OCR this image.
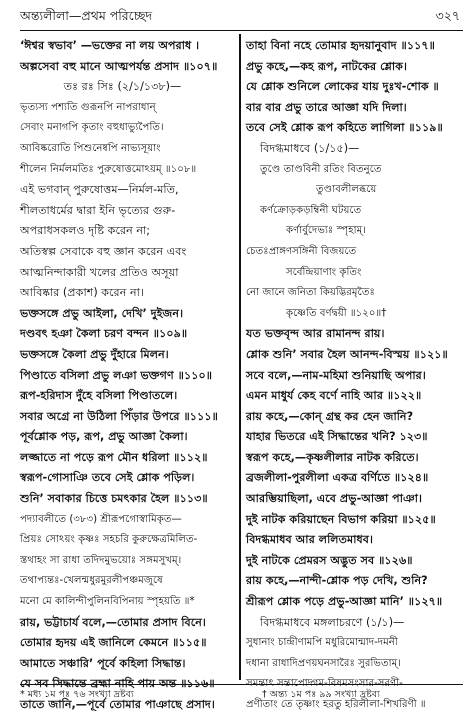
অন্ত্যলীলা—প্রথম পরিচ্ছেদ	৩২৭
‘ঈশ্বর স্বভাব’ —ভক্তের না লয় অপরাধ ।
অল্পসেবা বহু মানে আত্মপর্যন্ত প্রসাদ ॥১০৭॥
তঃ রঃ সিঃ (২/১/১৩৮)—
ভৃত্যস্য পশ্যতি গুরূনপি নাপরাধান্
সেবাং মনাগপি কৃতাং বহুধাভ্যুপৈতি।
আবিষ্করোতি পিশুনেষ্বপি নাভ্যসূয়াং
শীলেন নির্মলমতিঃ পুরুষোত্তমোঽয়ম্ ॥১০৮॥
এই ভগবান্ পুরুষোত্তম—নির্মল-মতি,
শীলতাধর্মের দ্বারা ইনি ভৃত্যের গুরু-
অপরাধসকলও দৃষ্টি করেন না;
অতিস্বল্প সেবাকে বহু জ্ঞান করেন এবং
আত্মনিন্দাকারী খলের প্রতিও অসূয়া
আবিষ্কার (প্রকাশ) করেন না।
ভক্তসঙ্গে প্রভু আইলা, দেখি’ দুইজন।
দণ্ডবৎ হঞা কৈলা চরণ বন্দন ॥১০৯॥
ভক্তসঙ্গে কৈলা প্রভু দুঁহারে মিলন।
পিণ্ডাতে বসিলা প্রভু লঞা ভক্তগণ ॥১১০॥
রূপ-হরিদাস দুঁহে বসিলা পিণ্ডাতলে।
সবার অগ্রে না উঠিলা পিঁড়ার উপরে ॥১১১॥
পূর্বশ্লোক পড়, রূপ, প্রভু আজ্ঞা কৈলা।
লজ্জাতে না পড়ে রূপ মৌন ধরিলা ॥১১২॥
স্বরূপ-গোসাঞি তবে সেই শ্লোক পড়িল।
শুনি’ সবাকার চিত্তে চমৎকার হৈল ॥১১৩॥
পদ্যাবলীতে (৩৮৩) শ্রীরূপগোস্বামিকৃত—
প্রিয়ঃ সোঽয়ং কৃষ্ণঃ সহচরি কুরুক্ষেত্রমিলিত-
স্তথাহং সা রাধা তদিদমুভয়োঃ সঙ্গমসুখম্।
তথাপ্যন্তঃ-খেলন্মধুরমুরলীপঞ্চমজুষে
মনো মে কালিন্দীপুলিনবিপিনায় স্পৃহয়তি ॥*
রায়, ভট্টাচার্য বলে,—তোমার প্রসাদ বিনে।
তোমার হৃদয় এই জানিলে কেমনে ॥১১৫॥
আমাতে সঞ্চারি’ পূর্বে কহিলা সিদ্ধান্ত।
যে সব সিদ্ধান্তে ব্রহ্মা নাহি পায় অন্ত ॥১১৬॥
তাতে জানি,—পূর্বে তোমার পাঞাছে প্রসাদ।
তাহা বিনা নহে তোমার হৃদয়ানুবাদ ॥১১৭॥
প্রভু কহে,—কহ রূপ, নাটকের শ্লোক।
যে শ্লোক শুনিলে লোকের যায় দুঃখ-শোক ॥
বার বার প্রভু তারে আজ্ঞা যদি দিলা।
তবে সেই শ্লোক রূপ কহিতে লাগিলা ॥১১৯॥
বিদগ্ধমাধবে (১/১৫)—
তুণ্ডে তাণ্ডবিনী রতিং বিতনুতে
তুণ্ডাবলীলব্ধয়ে
কর্ণক্রোড়কড়ম্বিনী ঘটয়তে
কর্ণার্বুদেভ্যঃ স্পৃহাম্।
চেতঃপ্রাঙ্গণসঙ্গিনী বিজয়তে
সর্বেন্দ্রিয়াণাং কৃতিং
নো জানে জনিতা কিয়দ্ভিরমৃতৈঃ
কৃষ্ণেতি বর্ণদ্বয়ী ॥১২০॥†
যত ভক্তবৃন্দ আর রামানন্দ রায়।
শ্লোক শুনি’ সবার হৈল আনন্দ-বিস্ময় ॥১২১॥
সবে বলে,—নাম-মহিমা শুনিয়াছি অপার।
এমন মাধুর্য কেহ বর্ণে নাহি আর ॥১২২॥
রায় কহে,—কোন্ গ্রন্থ কর হেন জানি?
যাহার ভিতরে এই সিদ্ধান্তের খনি? ১২৩॥
স্বরূপ কহে,—কৃষ্ণলীলার নাটক করিতে।
ব্রজলীলা-পুরলীলা একত্র বর্ণিতে ॥১২৪॥
আরম্ভিয়াছিলা, এবে প্রভু-আজ্ঞা পাঞা।
দুই নাটক করিয়াছেন বিভাগ করিয়া ॥১২৫॥
বিদগ্ধমাধব আর ললিতমাধব।
দুই নাটকে প্রেমরস অদ্ভুত সব ॥১২৬॥
রায় কহে,—নান্দী-শ্লোক পড় দেখি, শুনি?
শ্রীরূপ শ্লোক পড়ে প্রভু-আজ্ঞা মানি’ ॥১২৭॥
বিদগ্ধমাধবে মঙ্গলাচরণে (১/১)—
সুধানাং চান্দ্রীণামপি মধুরিমোন্মাদ-দমনী
দধানা রাধাদিপ্রণয়ঘনসারৈঃ সুরভিতাম্।
সমন্তাৎ সন্তাপোদ্গম-বিষমসংসার-সরণী-
প্রণীতাং তে তৃষ্ণাং হরতু হরিলীলা-শিখরিণী ॥
* মধ্য ১ম পঃ ৭৬ সংখ্যা দ্রষ্টব্য	† অন্ত্য ১ম পঃ ৯৯ সংখ্যা দ্রষ্টব্য
